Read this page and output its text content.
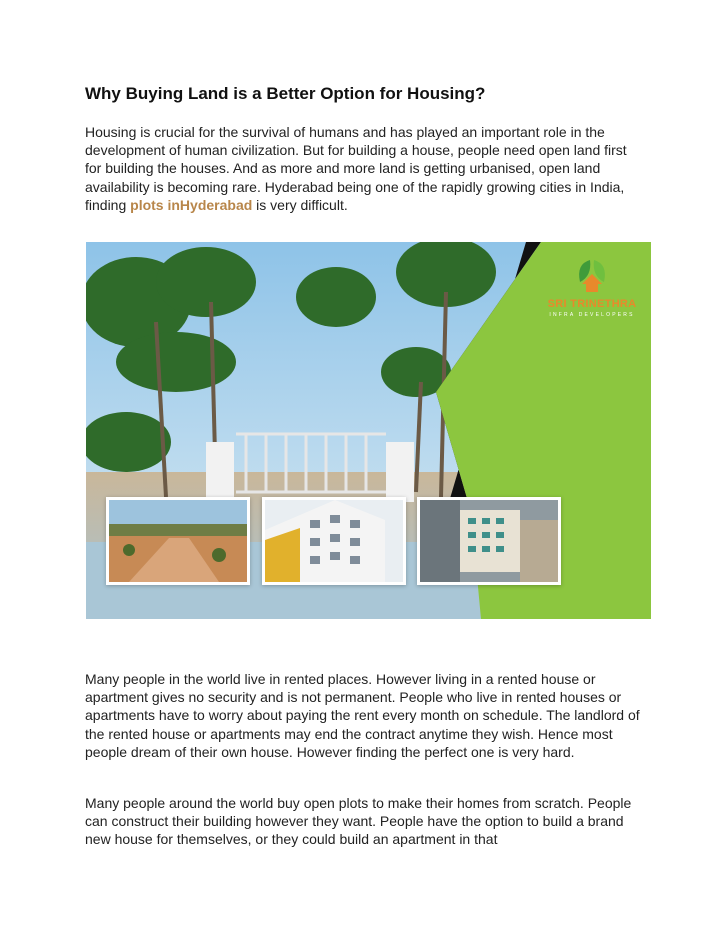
Why Buying Land is a Better Option for Housing?

Housing is crucial for the survival of humans and has played an important role in the development of human civilization. But for building a house, people need open land first for building the houses. And as more and more land is getting urbanised, open land availability is becoming rare. Hyderabad being one of the rapidly growing cities in India, finding plots inHyderabad is very difficult.

SRI TRINETHRA
INFRA DEVELOPERS

Many people in the world live in rented places. However living in a rented house or apartment gives no security and is not permanent. People who live in rented houses or apartments have to worry about paying the rent every month on schedule. The landlord of the rented house or apartments may end the contract anytime they wish. Hence most people dream of their own house. However finding the perfect one is very hard.

Many people around the world buy open plots to make their homes from scratch. People can construct their building however they want. People have the option to build a brand new house for themselves, or they could build an apartment in that
